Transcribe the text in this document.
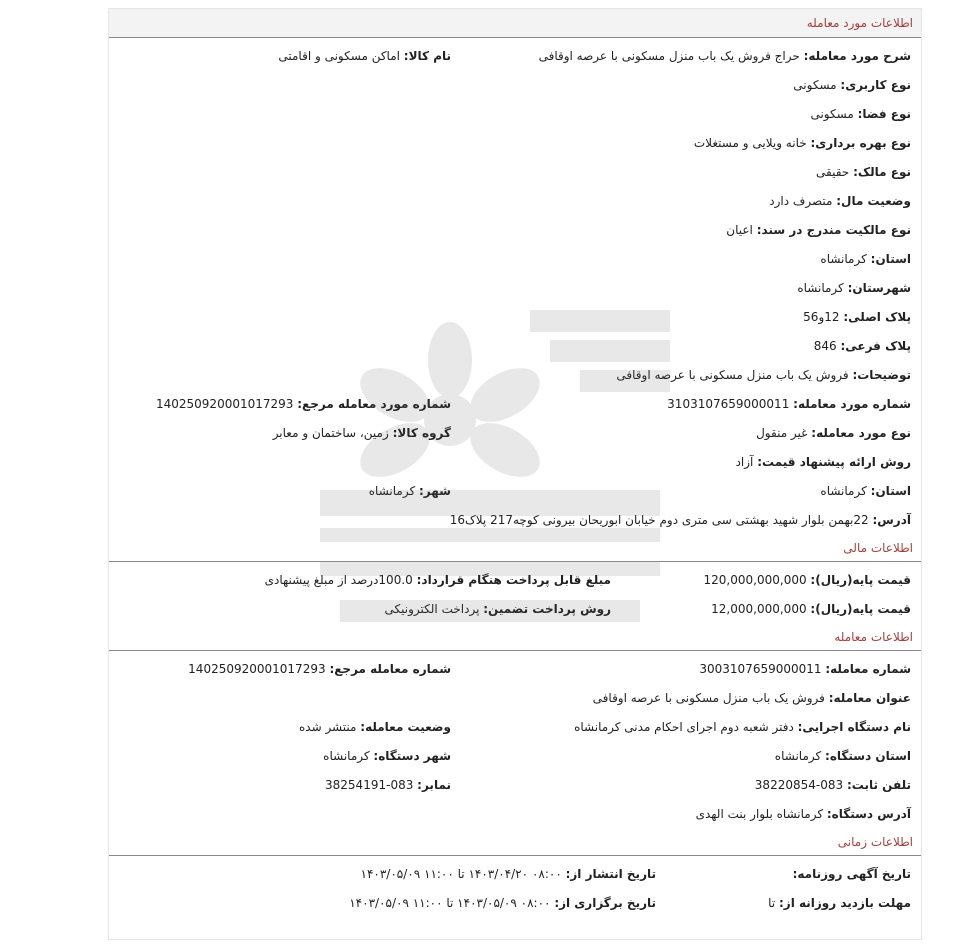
اطلاعات مورد معامله
شرح مورد معامله: حراج فروش یک باب منزل مسکونی با عرصه اوقافی
نام کالا: اماکن مسکونی و اقامتی
نوع کاربری: مسکونی
نوع فضا: مسکونی
نوع بهره برداری: خانه ویلایی و مستغلات
نوع مالک: حقیقی
وضعیت مال: متصرف دارد
نوع مالکیت مندرج در سند: اعیان
استان: کرمانشاه
شهرستان: کرمانشاه
پلاک اصلی: 12و56
پلاک فرعی: 846
توضیحات: فروش یک باب منزل مسکونی با عرصه اوقافی
شماره مورد معامله: 3103107659000011
شماره مورد معامله مرجع: 140250920001017293
نوع مورد معامله: غیر منقول
گروه کالا: زمین، ساختمان و معابر
روش ارائه پیشنهاد قیمت: آزاد
استان: کرمانشاه
شهر: کرمانشاه
آدرس: 22بهمن بلوار شهید بهشتی سی متری دوم خیابان ابوریحان بیرونی کوچه217 پلاک16
اطلاعات مالی
قیمت پایه(ریال): 120,000,000,000
مبلغ قابل پرداخت هنگام قرارداد: 100.0درصد از مبلغ پیشنهادی
قیمت پایه(ریال): 12,000,000,000
روش پرداخت تضمین: پرداخت الکترونیکی
اطلاعات معامله
شماره معامله: 3003107659000011
شماره معامله مرجع: 140250920001017293
عنوان معامله: فروش یک باب منزل مسکونی با عرصه اوقافی
نام دستگاه اجرایی: دفتر شعبه دوم اجرای احکام مدنی کرمانشاه
وضعیت معامله: منتشر شده
استان دستگاه: کرمانشاه
شهر دستگاه: کرمانشاه
تلفن ثابت: 083-38220854
نمابر: 083-38254191
آدرس دستگاه: کرمانشاه بلوار بنت الهدی
اطلاعات زمانی
تاریخ آگهی روزنامه:
تاریخ انتشار از: ۰۸:۰۰ ۱۴۰۳/۰۴/۲۰ تا ۱۱:۰۰ ۱۴۰۳/۰۵/۰۹
مهلت بازدید روزانه از: تا
تاریخ برگزاری از: ۰۸:۰۰ ۱۴۰۳/۰۵/۰۹ تا ۱۱:۰۰ ۱۴۰۳/۰۵/۰۹
